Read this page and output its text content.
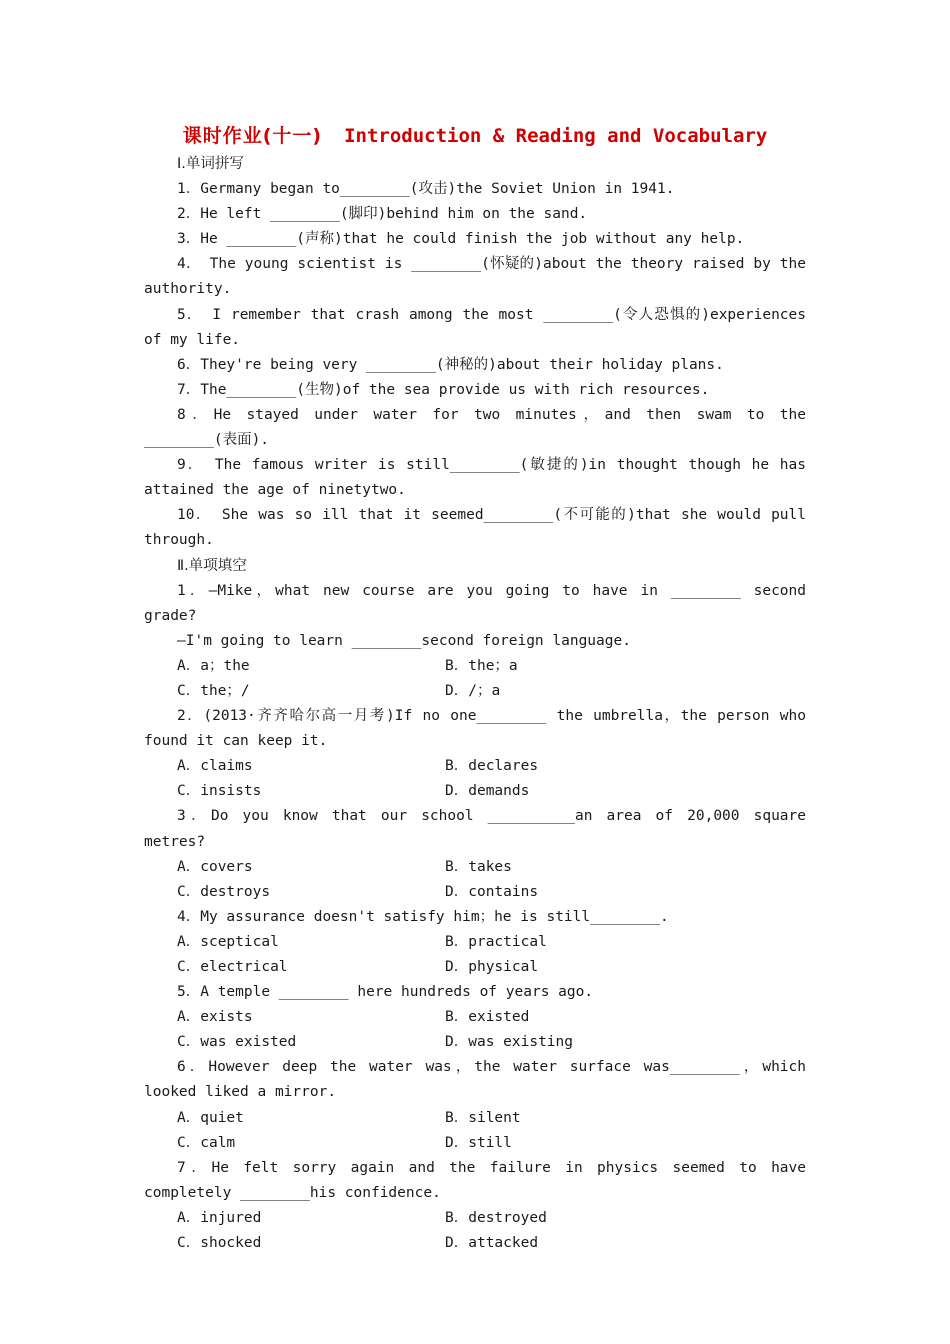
课时作业(十一) Introduction & Reading and Vocabulary
Ⅰ.单词拼写
1．Germany began to________(攻击)the Soviet Union in 1941.
2．He left ________(脚印)behind him on the sand.
3．He ________(声称)that he could finish the job without any help.
4． The young scientist is ________(怀疑的)about the theory raised by the authority.
5． I remember that crash among the most ________(令人恐惧的)experiences of my life.
6．They're being very ________(神秘的)about their holiday plans.
7．The________(生物)of the sea provide us with rich resources.
8．He stayed under water for two minutes，and then swam to the ________(表面).
9． The famous writer is still________(敏捷的)in thought though he has attained the age of ninetytwo.
10． She was so ill that it seemed________(不可能的)that she would pull through.
Ⅱ.单项填空
1．—Mike，what new course are you going to have in ________ second grade?
—I'm going to learn ________second foreign language.
A．a；the	B．the；a
C．the；/	D．/；a
2．(2013·齐齐哈尔高一月考)If no one________ the umbrella，the person who found it can keep it.
A．claims	B．declares
C．insists	D．demands
3．Do you know that our school __________an area of 20,000 square metres?
A．covers	B．takes
C．destroys	D．contains
4．My assurance doesn't satisfy him；he is still________.
A．sceptical	B．practical
C．electrical	D．physical
5．A temple ________ here hundreds of years ago.
A．exists	B．existed
C．was existed	D．was existing
6．However deep the water was，the water surface was________，which looked liked a mirror.
A．quiet	B．silent
C．calm	D．still
7．He felt sorry again and the failure in physics seemed to have completely ________his confidence.
A．injured	B．destroyed
C．shocked	D．attacked
